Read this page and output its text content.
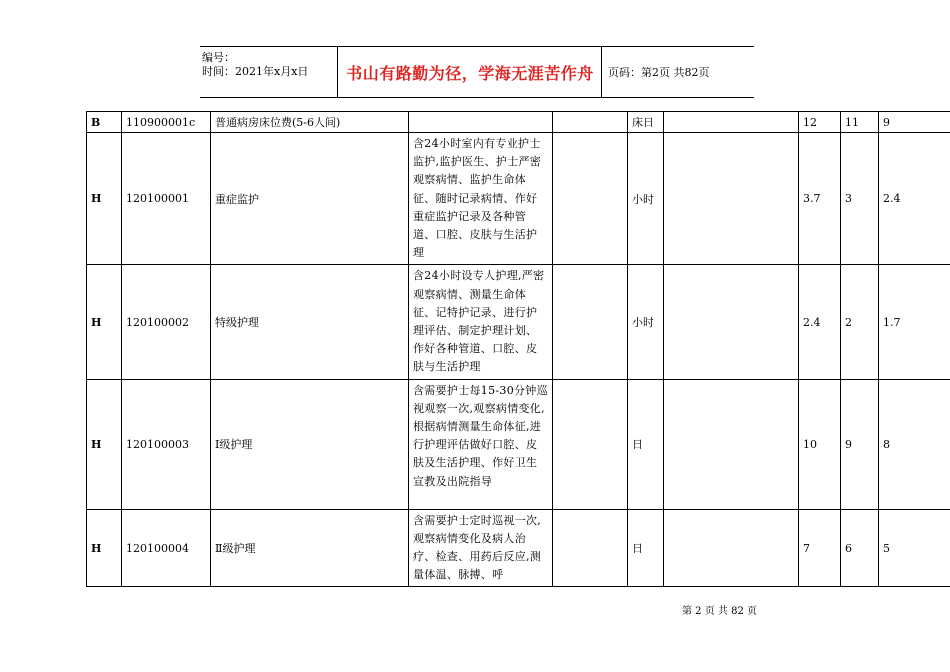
编号：
时间：2021年x月x日	书山有路勤为径，学海无涯苦作舟	页码：第2页 共82页
B	110900001c	普通病房床位费(5-6人间)			床日		12	11	9
H	120100001	重症监护	含24小时室内有专业护士监护,监护医生、护士严密观察病情、监护生命体征、随时记录病情、作好重症监护记录及各种管道、口腔、皮肤与生活护理		小时		3.7	3	2.4
H	120100002	特级护理	含24小时设专人护理,严密观察病情、测量生命体征、记特护记录、进行护理评估、制定护理计划、作好各种管道、口腔、皮肤与生活护理		小时		2.4	2	1.7
H	120100003	Ⅰ级护理	含需要护士每15-30分钟巡视观察一次,观察病情变化,根据病情测量生命体征,进行护理评估做好口腔、皮肤及生活护理、作好卫生宣教及出院指导		日		10	9	8
H	120100004	Ⅱ级护理	含需要护士定时巡视一次,观察病情变化及病人治疗、检查、用药后反应,测量体温、脉搏、呼		日		7	6	5
第 2 页 共 82 页
